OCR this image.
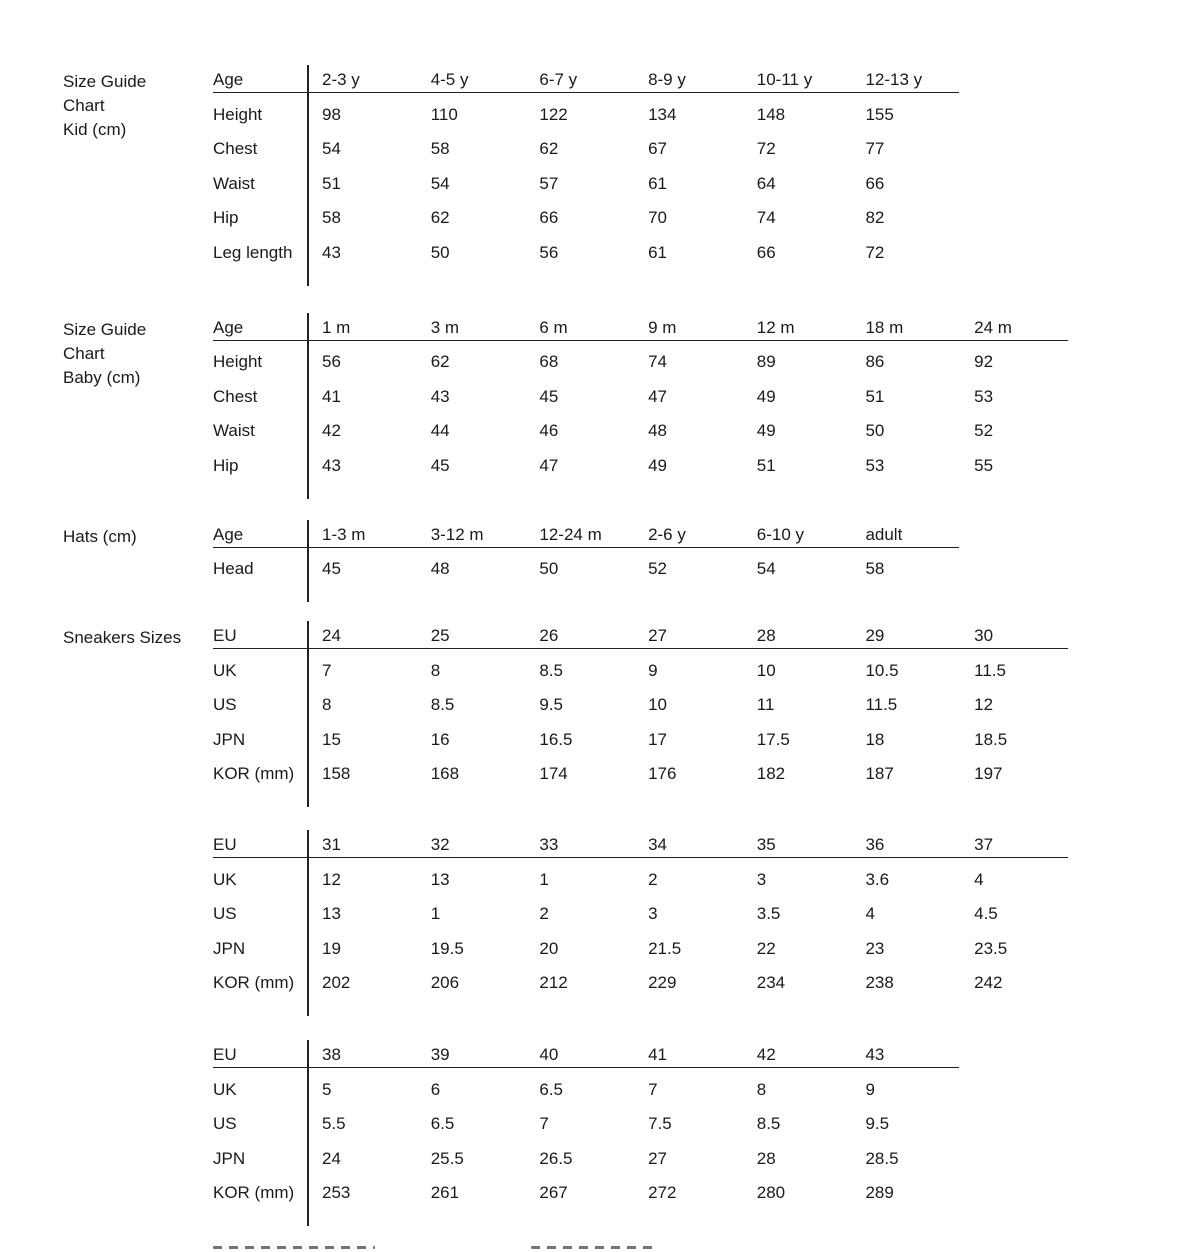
Size Guide
Chart
Kid (cm)
Age	2-3 y	4-5 y	6-7 y	8-9 y	10-11 y	12-13 y
Height	98	110	122	134	148	155
Chest	54	58	62	67	72	77
Waist	51	54	57	61	64	66
Hip	58	62	66	70	74	82
Leg length	43	50	56	61	66	72
Size Guide
Chart
Baby (cm)
Age	1 m	3 m	6 m	9 m	12 m	18 m	24 m
Height	56	62	68	74	89	86	92
Chest	41	43	45	47	49	51	53
Waist	42	44	46	48	49	50	52
Hip	43	45	47	49	51	53	55
Hats (cm)	Age	1-3 m	3-12 m	12-24 m	2-6 y	6-10 y	adult
Head	45	48	50	52	54	58
Sneakers Sizes	EU	24	25	26	27	28	29	30
UK	7	8	8.5	9	10	10.5	11.5
US	8	8.5	9.5	10	11	11.5	12
JPN	15	16	16.5	17	17.5	18	18.5
KOR (mm)	158	168	174	176	182	187	197
EU	31	32	33	34	35	36	37
UK	12	13	1	2	3	3.6	4
US	13	1	2	3	3.5	4	4.5
JPN	19	19.5	20	21.5	22	23	23.5
KOR (mm)	202	206	212	229	234	238	242
EU	38	39	40	41	42	43
UK	5	6	6.5	7	8	9
US	5.5	6.5	7	7.5	8.5	9.5
JPN	24	25.5	26.5	27	28	28.5
KOR (mm)	253	261	267	272	280	289
